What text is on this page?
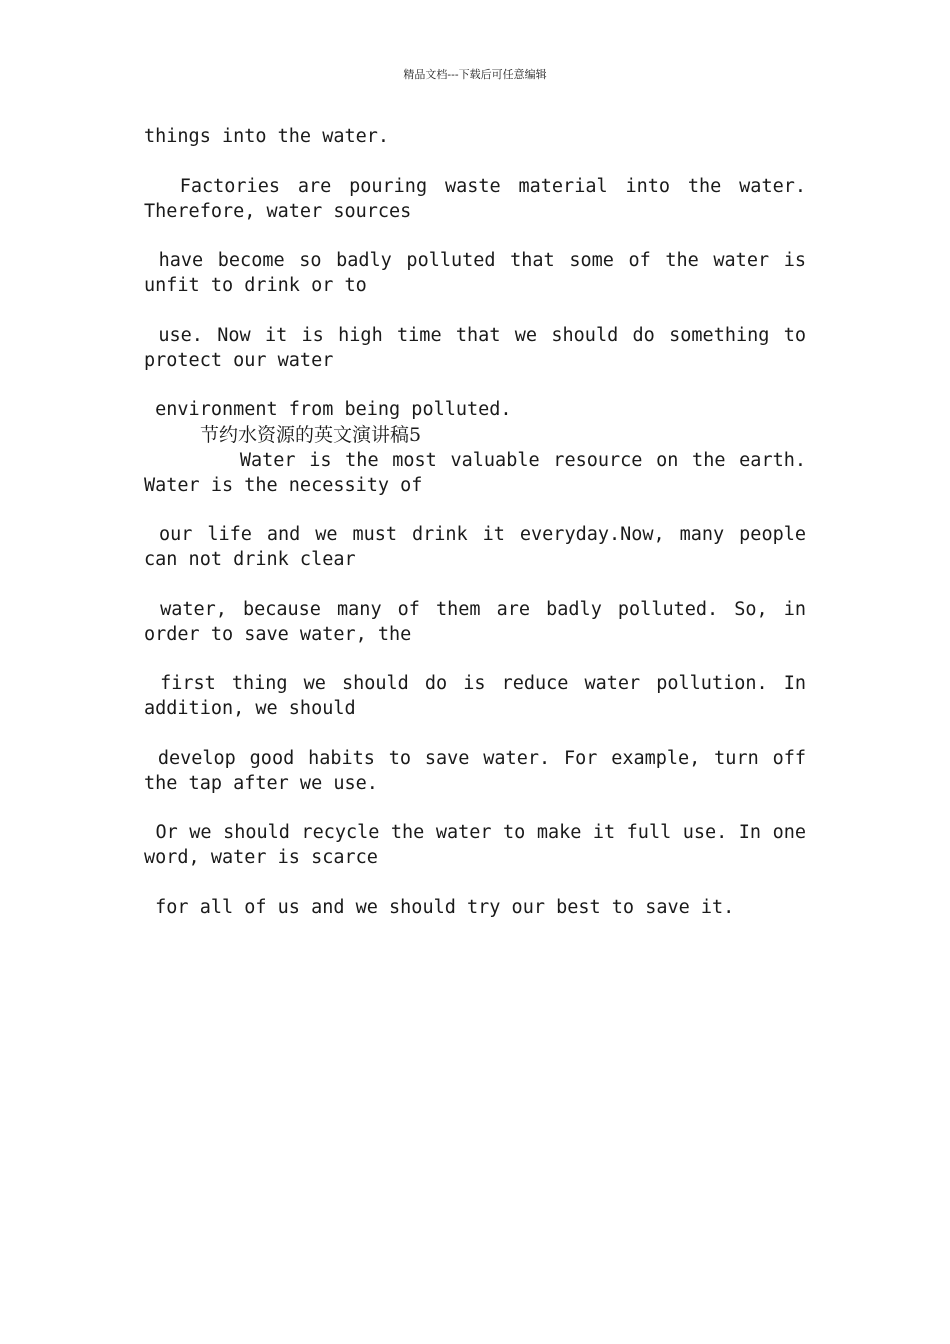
精品文档---下载后可任意编辑
things into the water.
Factories are pouring waste material into the water.
Therefore, water sources
have become so badly polluted that some of the water is
unfit to drink or to
use. Now it is high time that we should do something to
protect our water
environment from being polluted.
节约水资源的英文演讲稿5
Water is the most valuable resource on the earth.
Water is the necessity of
our life and we must drink it everyday.Now, many people
can not drink clear
water, because many of them are badly polluted. So, in
order to save water, the
first thing we should do is reduce water pollution. In
addition, we should
develop good habits to save water. For example, turn off
the tap after we use.
Or we should recycle the water to make it full use. In one
word, water is scarce
for all of us and we should try our best to save it.
